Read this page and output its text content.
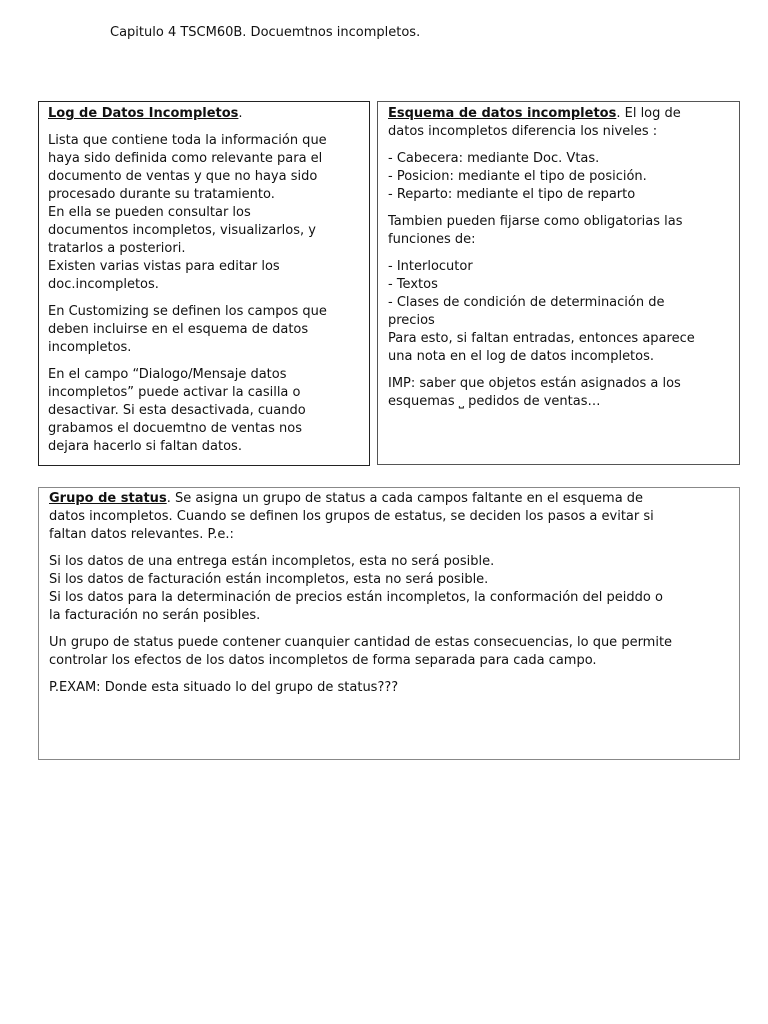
Capitulo 4 TSCM60B. Docuemtnos incompletos.

Log de Datos Incompletos.

Lista que contiene toda la información que
haya sido definida como relevante para el
documento de ventas y que no haya sido
procesado durante su tratamiento.
En ella se pueden consultar los
documentos incompletos, visualizarlos, y
tratarlos a posteriori.
Existen varias vistas para editar los
doc.incompletos.

En Customizing se definen los campos que
deben incluirse en el esquema de datos
incompletos.

En el campo “Dialogo/Mensaje datos
incompletos” puede activar la casilla o
desactivar. Si esta desactivada, cuando
grabamos el docuemtno de ventas nos
dejara hacerlo si faltan datos.

Esquema de datos incompletos. El log de
datos incompletos diferencia los niveles :

- Cabecera: mediante Doc. Vtas.
- Posicion: mediante el tipo de posición.
- Reparto: mediante el tipo de reparto

Tambien pueden fijarse como obligatorias las
funciones de:

- Interlocutor
- Textos
- Clases de condición de determinación de
precios
Para esto, si faltan entradas, entonces aparece
una nota en el log de datos incompletos.

IMP: saber que objetos están asignados a los
esquemas ⎵ pedidos de ventas…

Grupo de status. Se asigna un grupo de status a cada campos faltante en el esquema de
datos incompletos. Cuando se definen los grupos de estatus, se deciden los pasos a evitar si
faltan datos relevantes. P.e.:

Si los datos de una entrega están incompletos, esta no será posible.
Si los datos de facturación están incompletos, esta no será posible.
Si los datos para la determinación de precios están incompletos, la conformación del peiddo o
la facturación no serán posibles.

Un grupo de status puede contener cuanquier cantidad de estas consecuencias, lo que permite
controlar los efectos de los datos incompletos de forma separada para cada campo.

P.EXAM: Donde esta situado lo del grupo de status???
